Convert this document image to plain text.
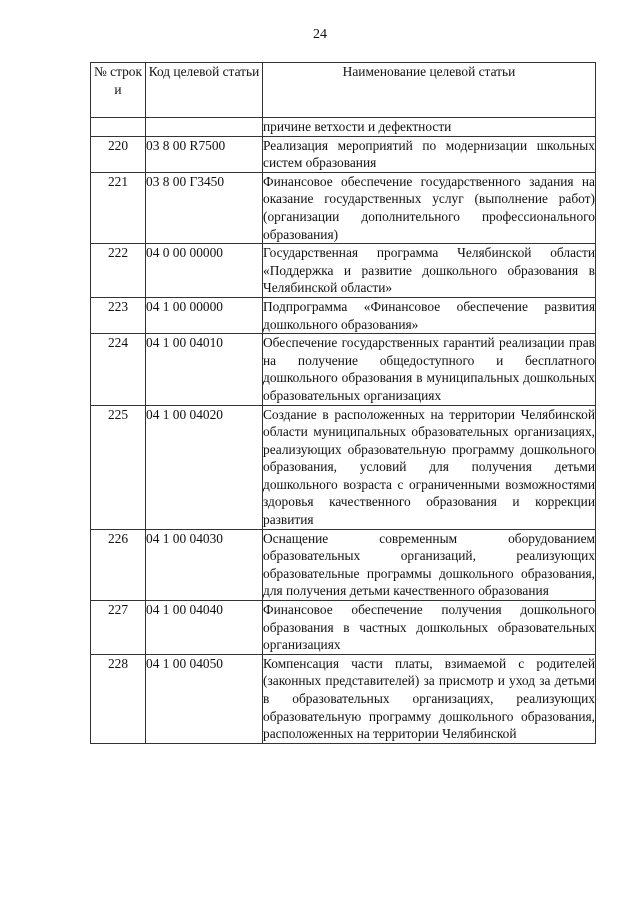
24
№ строк и	Код целевой статьи	Наименование целевой статьи
		причине ветхости и дефектности
220	03 8 00 R7500	Реализация мероприятий по модернизации школьных систем образования
221	03 8 00 Г3450	Финансовое обеспечение государственного задания на оказание государственных услуг (выполнение работ) (организации дополнительного профессионального образования)
222	04 0 00 00000	Государственная программа Челябинской области «Поддержка и развитие дошкольного образования в Челябинской области»
223	04 1 00 00000	Подпрограмма «Финансовое обеспечение развития дошкольного образования»
224	04 1 00 04010	Обеспечение государственных гарантий реализации прав на получение общедоступного и бесплатного дошкольного образования в муниципальных дошкольных образовательных организациях
225	04 1 00 04020	Создание в расположенных на территории Челябинской области муниципальных образовательных организациях, реализующих образовательную программу дошкольного образования, условий для получения детьми дошкольного возраста с ограниченными возможностями здоровья качественного образования и коррекции развития
226	04 1 00 04030	Оснащение современным оборудованием образовательных организаций, реализующих образовательные программы дошкольного образования, для получения детьми качественного образования
227	04 1 00 04040	Финансовое обеспечение получения дошкольного образования в частных дошкольных образовательных организациях
228	04 1 00 04050	Компенсация части платы, взимаемой с родителей (законных представителей) за присмотр и уход за детьми в образовательных организациях, реализующих образовательную программу дошкольного образования, расположенных на территории Челябинской
